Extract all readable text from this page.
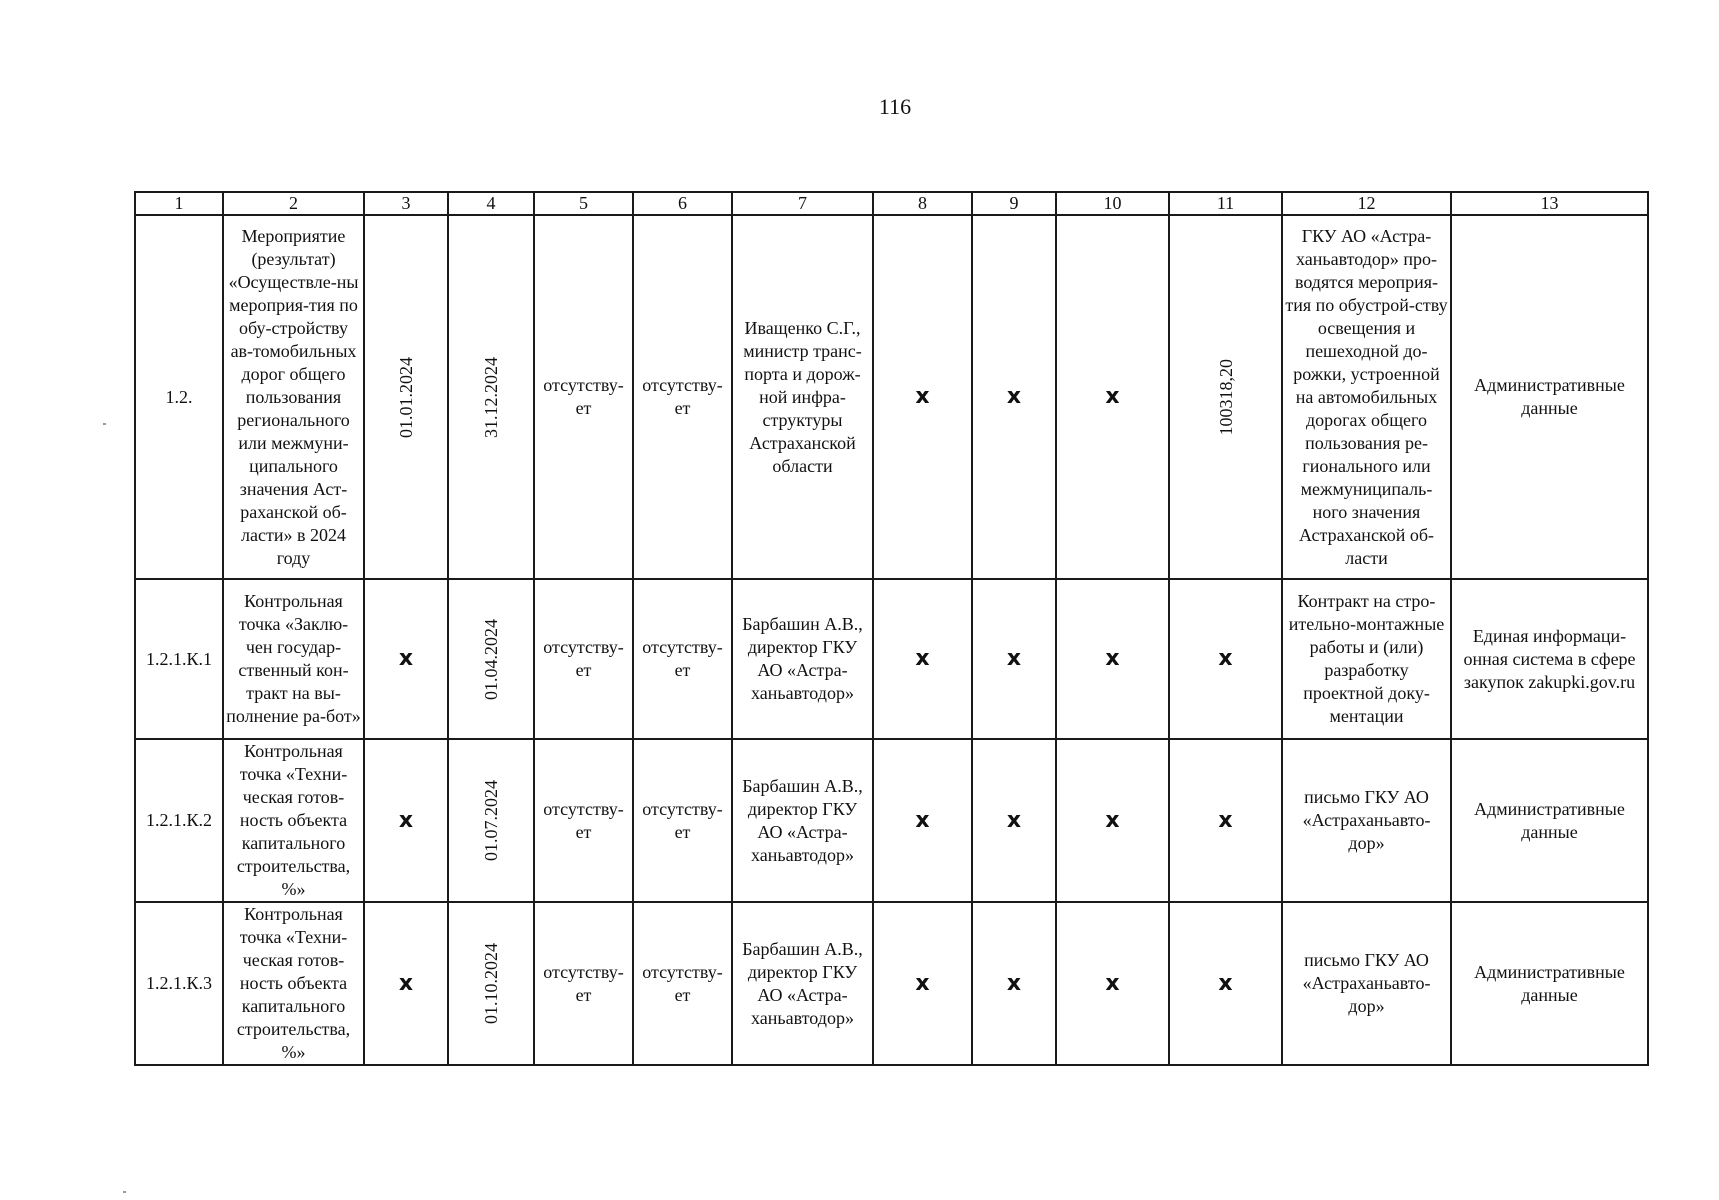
116
1	2	3	4	5	6	7	8	9	10	11	12	13
1.2.	Мероприятие (результат) «Осуществле-ны мероприя-тия по обу-стройству ав-томобильных дорог общего пользования регионального или межмуни-ципального значения Аст-раханской об-ласти» в 2024 году	01.01.2024	31.12.2024	отсутству-ет	отсутству-ет	Иващенко С.Г., министр транс-порта и дорож-ной инфра-структуры Астраханской области	х	х	х	100318,20	ГКУ АО «Астра-ханьавтодор» про-водятся мероприя-тия по обустрой-ству освещения и пешеходной до-рожки, устроенной на автомобильных дорогах общего пользования ре-гионального или межмуниципаль-ного значения Астраханской об-ласти	Административные данные
1.2.1.К.1	Контрольная точка «Заклю-чен государ-ственный кон-тракт на вы-полнение ра-бот»	х	01.04.2024	отсутству-ет	отсутству-ет	Барбашин А.В., директор ГКУ АО «Астра-ханьавтодор»	х	х	х	х	Контракт на стро-ительно-монтажные работы и (или) разработку проектной доку-ментации	Единая информаци-онная система в сфере закупок zakupki.gov.ru
1.2.1.К.2	Контрольная точка «Техни-ческая готов-ность объекта капитального строительства, %»	х	01.07.2024	отсутству-ет	отсутству-ет	Барбашин А.В., директор ГКУ АО «Астра-ханьавтодор»	х	х	х	х	письмо ГКУ АО «Астраханьавто-дор»	Административные данные
1.2.1.К.3	Контрольная точка «Техни-ческая готов-ность объекта капитального строительства, %»	х	01.10.2024	отсутству-ет	отсутству-ет	Барбашин А.В., директор ГКУ АО «Астра-ханьавтодор»	х	х	х	х	письмо ГКУ АО «Астраханьавто-дор»	Административные данные
